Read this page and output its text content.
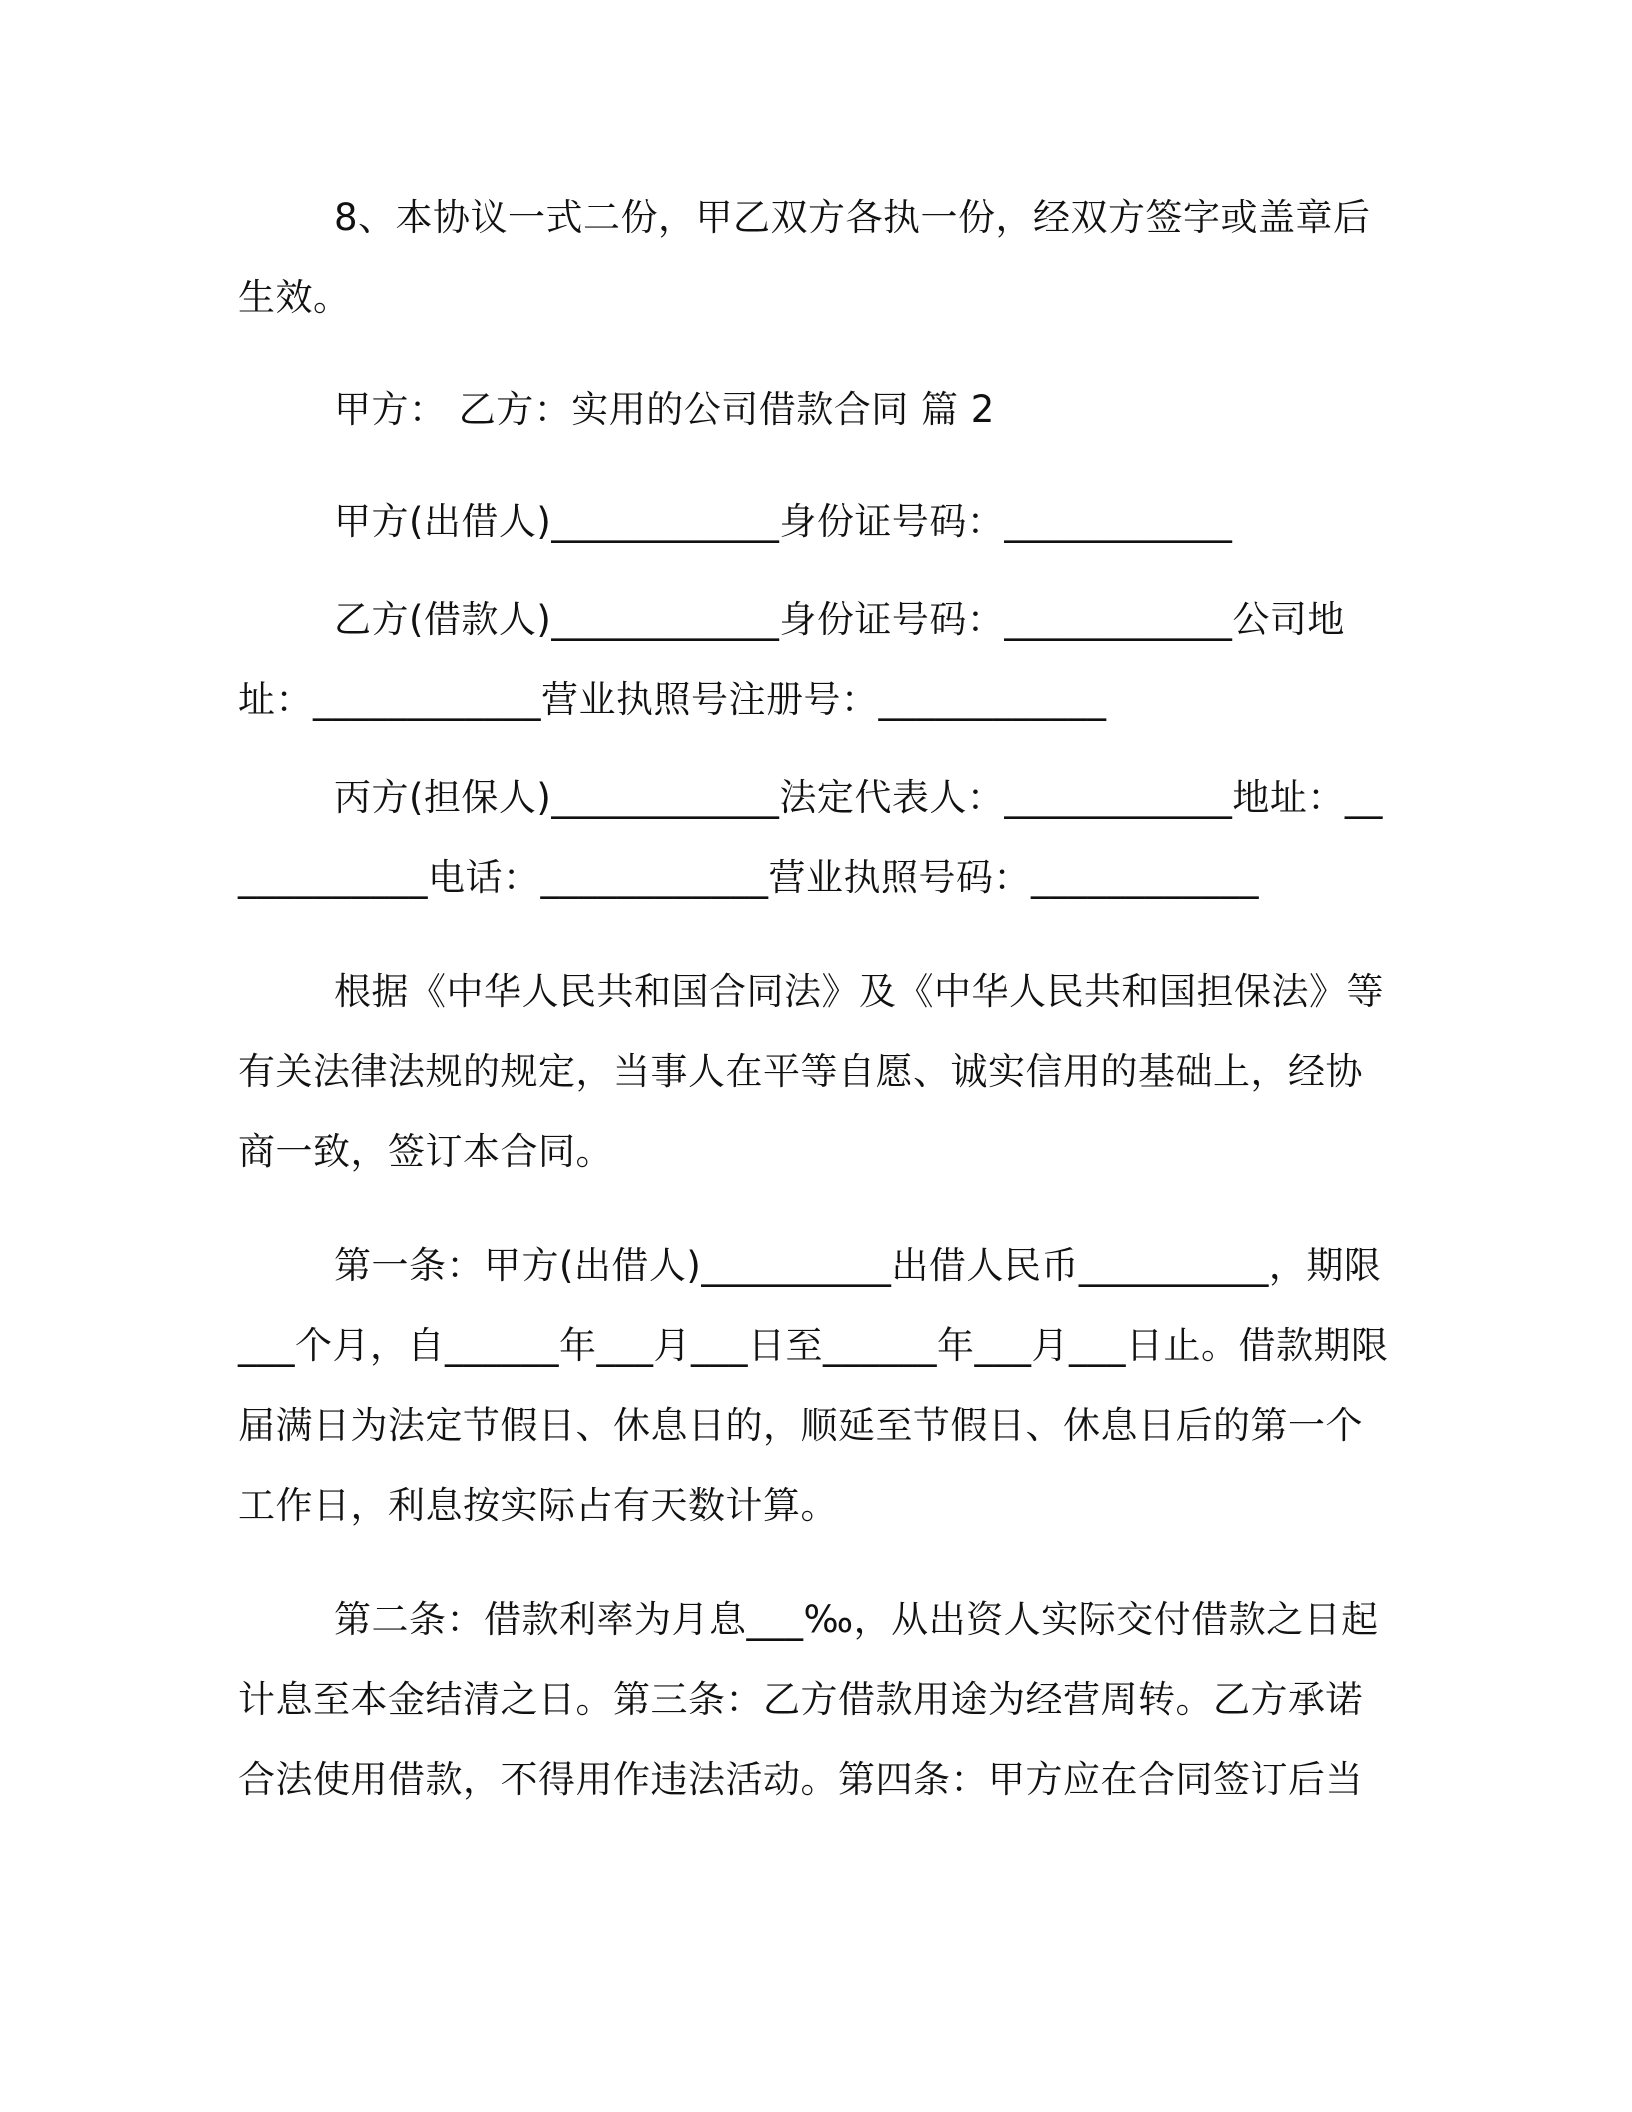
8、本协议一式二份，甲乙双方各执一份，经双方签字或盖章后生效。

甲方： 乙方：实用的公司借款合同 篇 2

甲方(出借人)____________身份证号码：____________

乙方(借款人)____________身份证号码：____________公司地址：____________营业执照号注册号：____________

丙方(担保人)____________法定代表人：____________地址：____________电话：____________营业执照号码：____________

根据《中华人民共和国合同法》及《中华人民共和国担保法》等有关法律法规的规定，当事人在平等自愿、诚实信用的基础上，经协商一致，签订本合同。

第一条：甲方(出借人)__________出借人民币__________，期限___个月，自______年___月___日至______年___月___日止。借款期限届满日为法定节假日、休息日的，顺延至节假日、休息日后的第一个工作日，利息按实际占有天数计算。

第二条：借款利率为月息___‰，从出资人实际交付借款之日起计息至本金结清之日。第三条：乙方借款用途为经营周转。乙方承诺合法使用借款，不得用作违法活动。第四条：甲方应在合同签订后当
